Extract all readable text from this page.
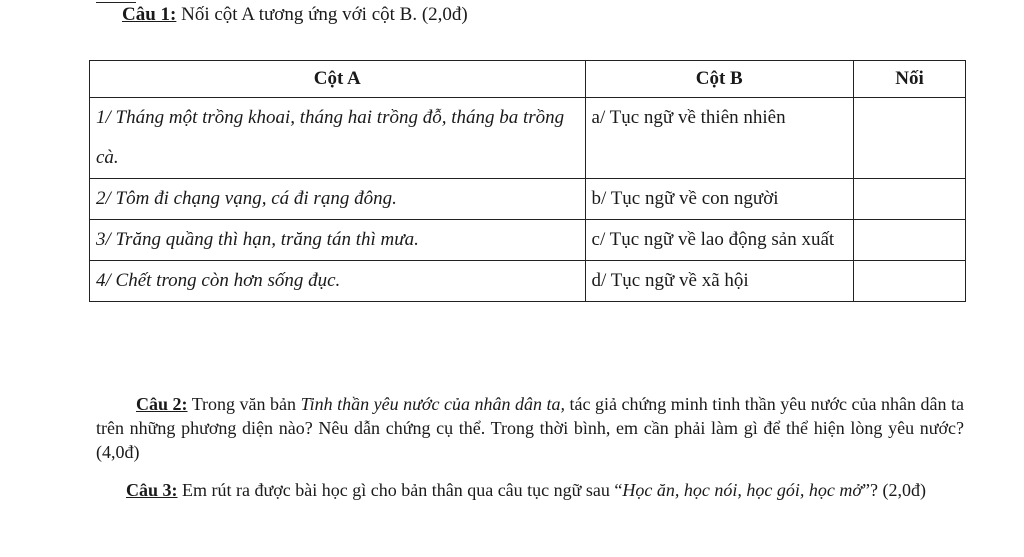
Câu 1: Nối cột A tương ứng với cột B. (2,0đ)
Cột A	Cột B	Nối
1/ Tháng một trồng khoai, tháng hai trồng đỗ, tháng ba trồng cà.	a/ Tục ngữ về thiên nhiên	
2/ Tôm đi chạng vạng, cá đi rạng đông.	b/ Tục ngữ về con người	
3/ Trăng quầng thì hạn, trăng tán thì mưa.	c/ Tục ngữ về lao động sản xuất	
4/ Chết trong còn hơn sống đục.	d/ Tục ngữ về xã hội	

Câu 2: Trong văn bản Tinh thần yêu nước của nhân dân ta, tác giả chứng minh tinh thần yêu nước của nhân dân ta trên những phương diện nào? Nêu dẫn chứng cụ thể. Trong thời bình, em cần phải làm gì để thể hiện lòng yêu nước? (4,0đ)

Câu 3: Em rút ra được bài học gì cho bản thân qua câu tục ngữ sau “Học ăn, học nói, học gói, học mở”? (2,0đ)
